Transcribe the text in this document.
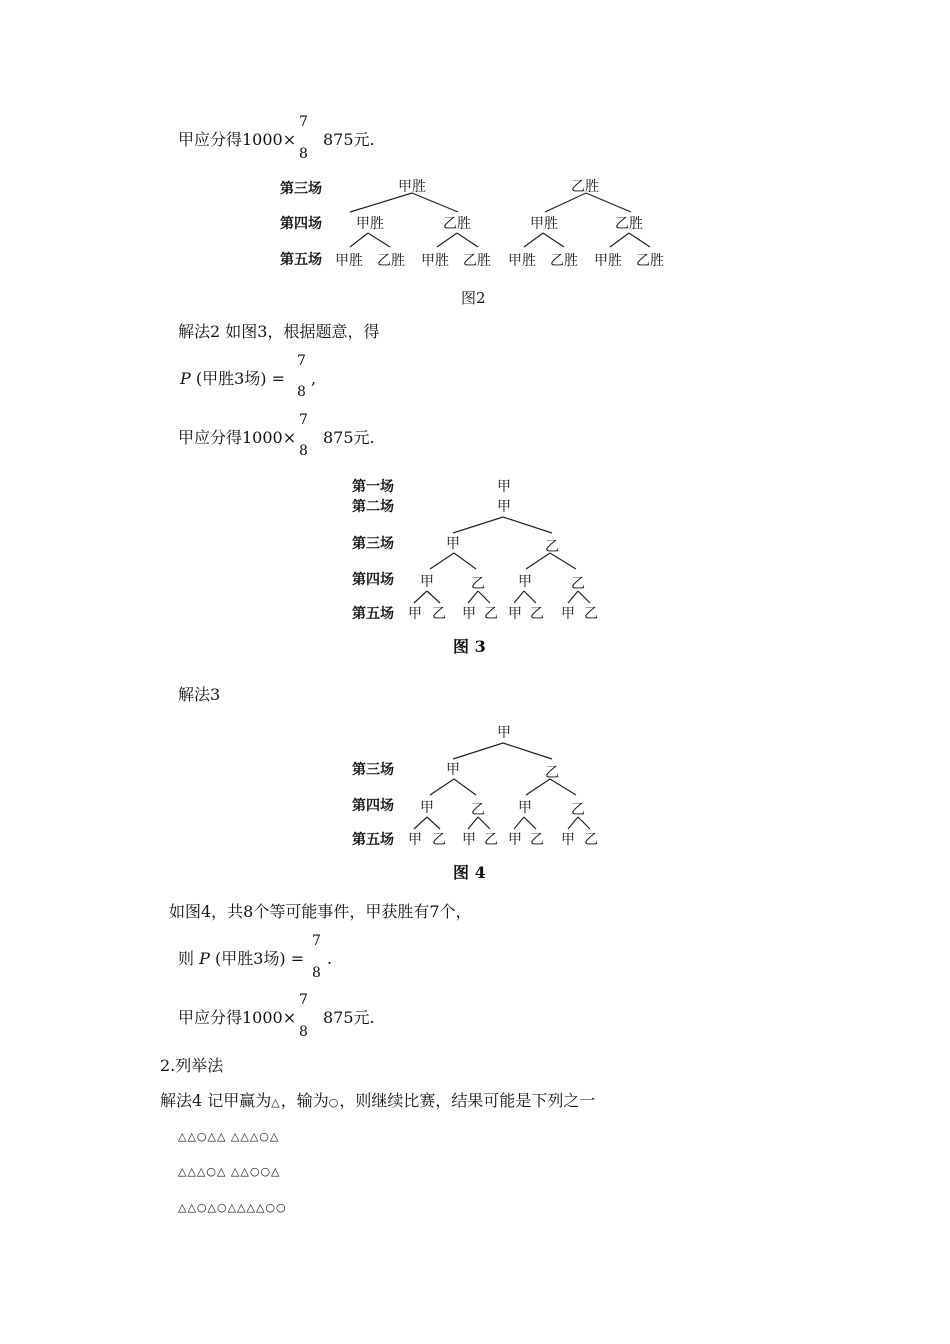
甲应分得1000×
7
8
875元.
第三场
第四场
第五场
甲胜	乙胜
甲胜	乙胜	甲胜	乙胜
甲胜 乙胜 甲胜 乙胜 甲胜 乙胜 甲胜 乙胜
图2
解法2 如图3，根据题意，得
P (甲胜3场) =
7
8
,
甲应分得1000×
7
8
875元.
第一场
第二场
第三场
第四场
第五场
甲
甲
甲	乙
甲	乙 甲	乙
甲 乙 甲 乙 甲 乙 甲 乙
图 3
解法3
第三场
第四场
第五场
甲
甲	乙
甲	乙 甲	乙
甲 乙 甲 乙 甲 乙 甲 乙
图 4
如图4，共8个等可能事件，甲获胜有7个，
则 P (甲胜3场) =
7
8
.
甲应分得1000×
7
8
875元.
2.列举法
解法4 记甲赢为△，输为○，则继续比赛，结果可能是下列之一
△△○△△ △△△○△
△△△○△ △△○○△
△△○△○△△△△○○
